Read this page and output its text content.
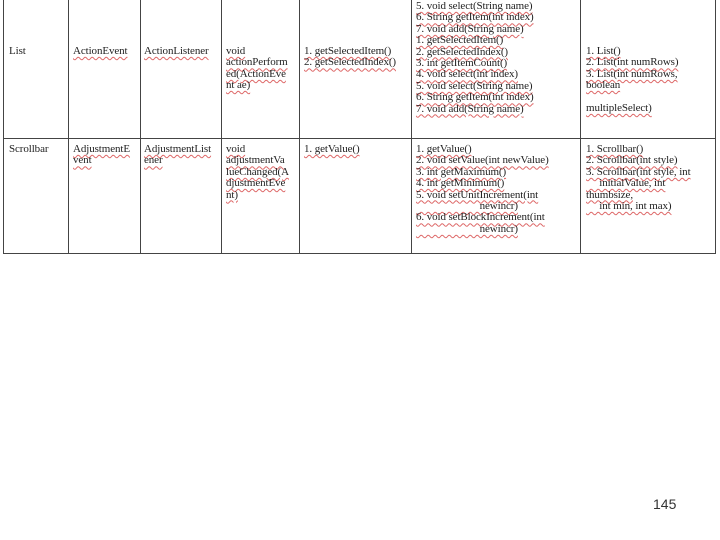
List	ActionEvent ActionListener void
actionPerform
ed(ActionEve
nt ae)
1. getSelectedItem()
2. getSelectedIndex()
5. void select(String name)
6. String getItem(int index)
7. void add(String name)
1. getSelectedItem()
2. getSelectedIndex()
3. int getItemCount()
4. void select(int index)
5. void select(String name)
6. String getItem(int index)
7. void add(String name)
1. List()
2. List(int numRows)
3. List(int numRows,
boolean

multipleSelect)
Scrollbar AdjustmentE
vent
AdjustmentList
ener
void
adjustmentVa
lueChanged(A
djustmentEve
nt)
1. getValue()	1. getValue()
2. void setValue(int newValue)
3. int getMaximum()
4. int getMinimum()
5. void setUnitIncrement(int
newincr)
6. void setBlockIncrement(int
newincr)
1. Scrollbar()
2. Scrollbar(int style)
3. Scrollbar(int style, int
initialValue, int
thumbsize,
int min, int max)
145
